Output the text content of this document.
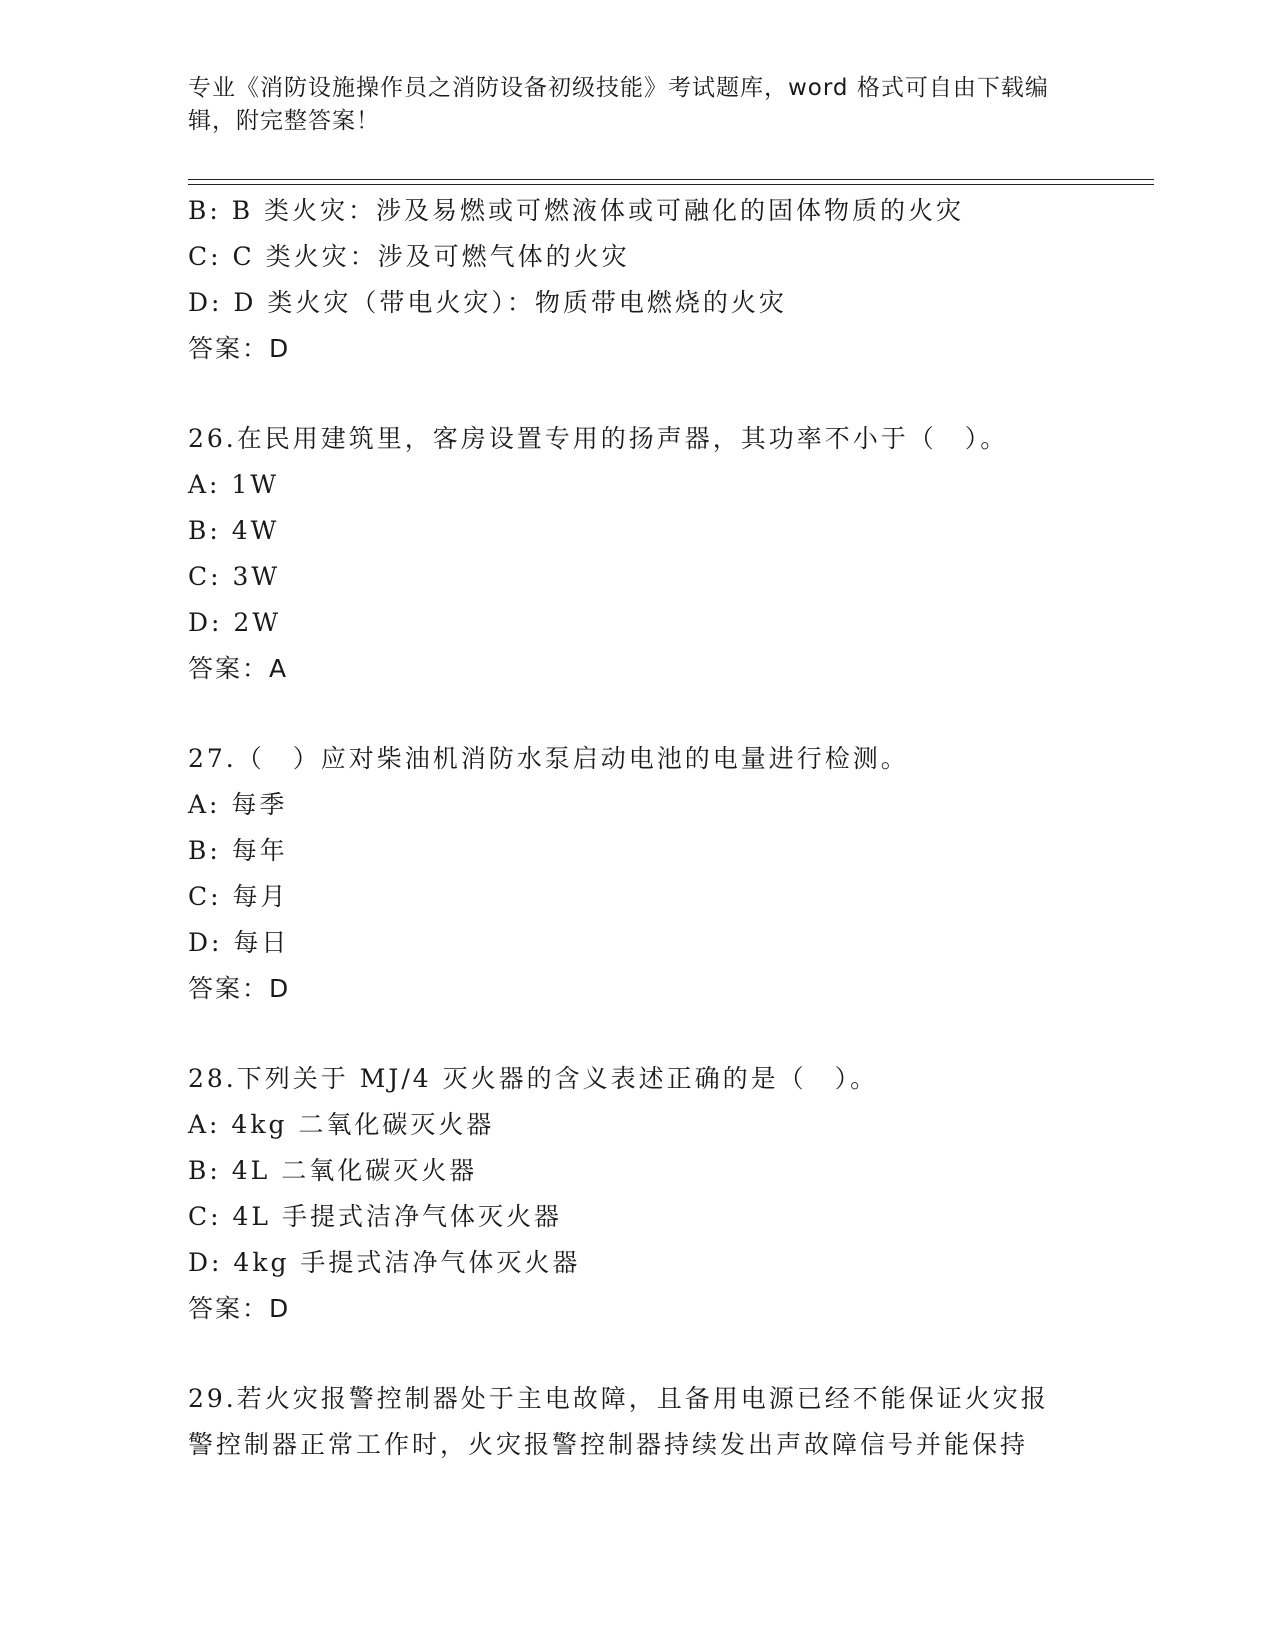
专业《消防设施操作员之消防设备初级技能》考试题库，word 格式可自由下载编
辑，附完整答案！
B: B 类火灾：涉及易燃或可燃液体或可融化的固体物质的火灾
C: C 类火灾：涉及可燃气体的火灾
D: D 类火灾（带电火灾）：物质带电燃烧的火灾
答案：D
26.在民用建筑里，客房设置专用的扬声器，其功率不小于（　）。
A: 1W
B: 4W
C: 3W
D: 2W
答案：A
27.（　）应对柴油机消防水泵启动电池的电量进行检测。
A: 每季
B: 每年
C: 每月
D: 每日
答案：D
28.下列关于 MJ/4 灭火器的含义表述正确的是（　）。
A: 4kg 二氧化碳灭火器
B: 4L 二氧化碳灭火器
C: 4L 手提式洁净气体灭火器
D: 4kg 手提式洁净气体灭火器
答案：D
29.若火灾报警控制器处于主电故障，且备用电源已经不能保证火灾报
警控制器正常工作时，火灾报警控制器持续发出声故障信号并能保持
